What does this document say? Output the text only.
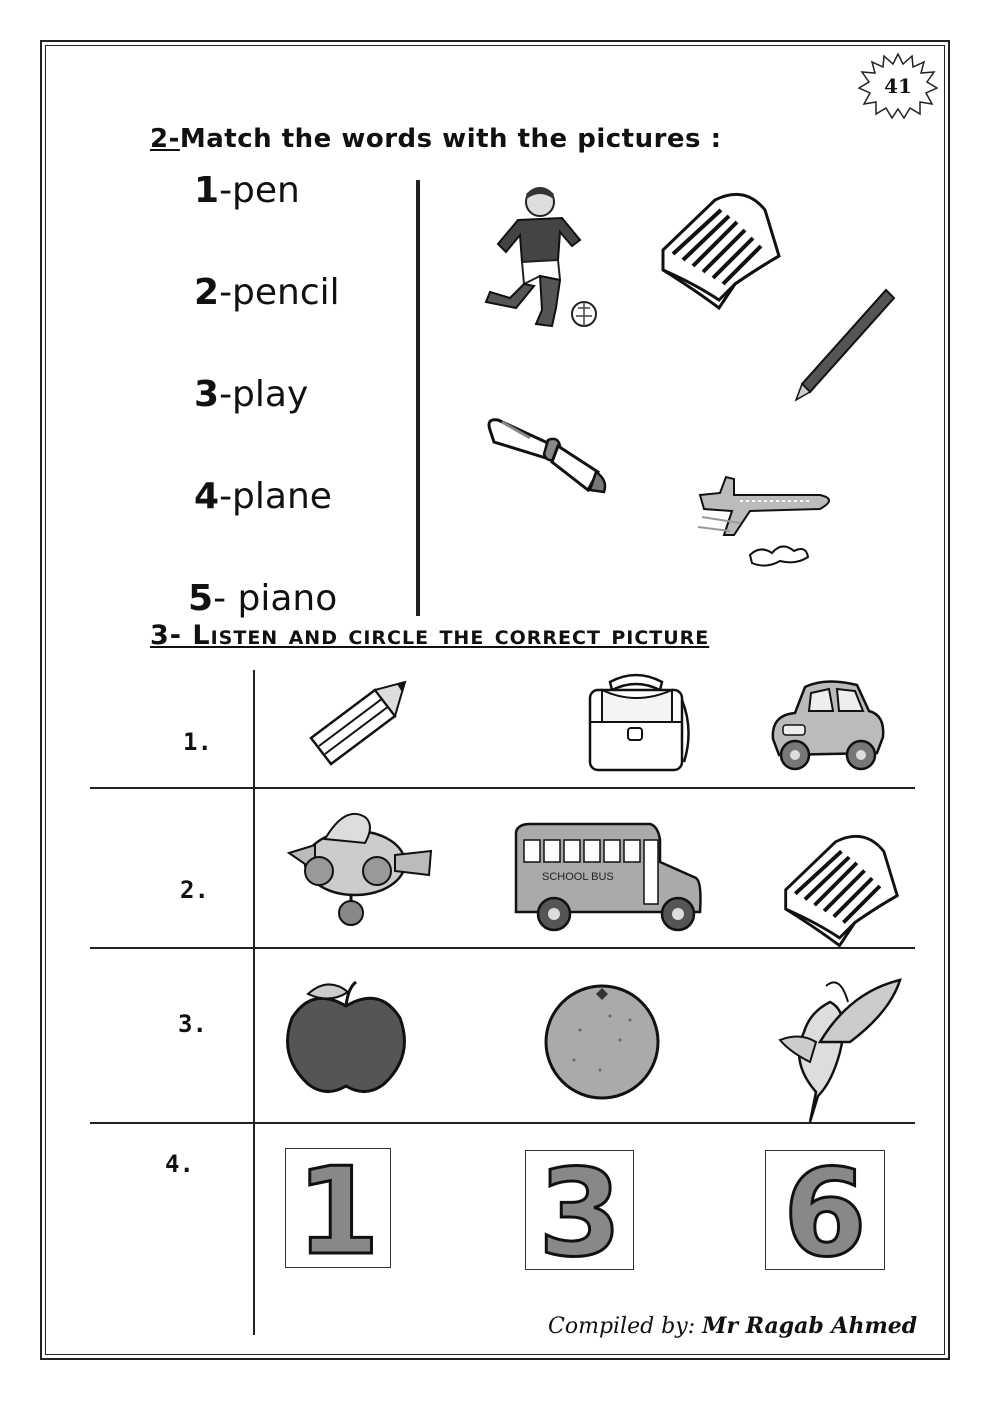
41
2-Match the words with the pictures :
1-pen
2-pencil
3-play
4-plane
5- piano
3- Listen and circle the correct picture
1.
2.
3.
4.
SCHOOL BUS
1 3 6
Compiled by: Mr Ragab Ahmed
